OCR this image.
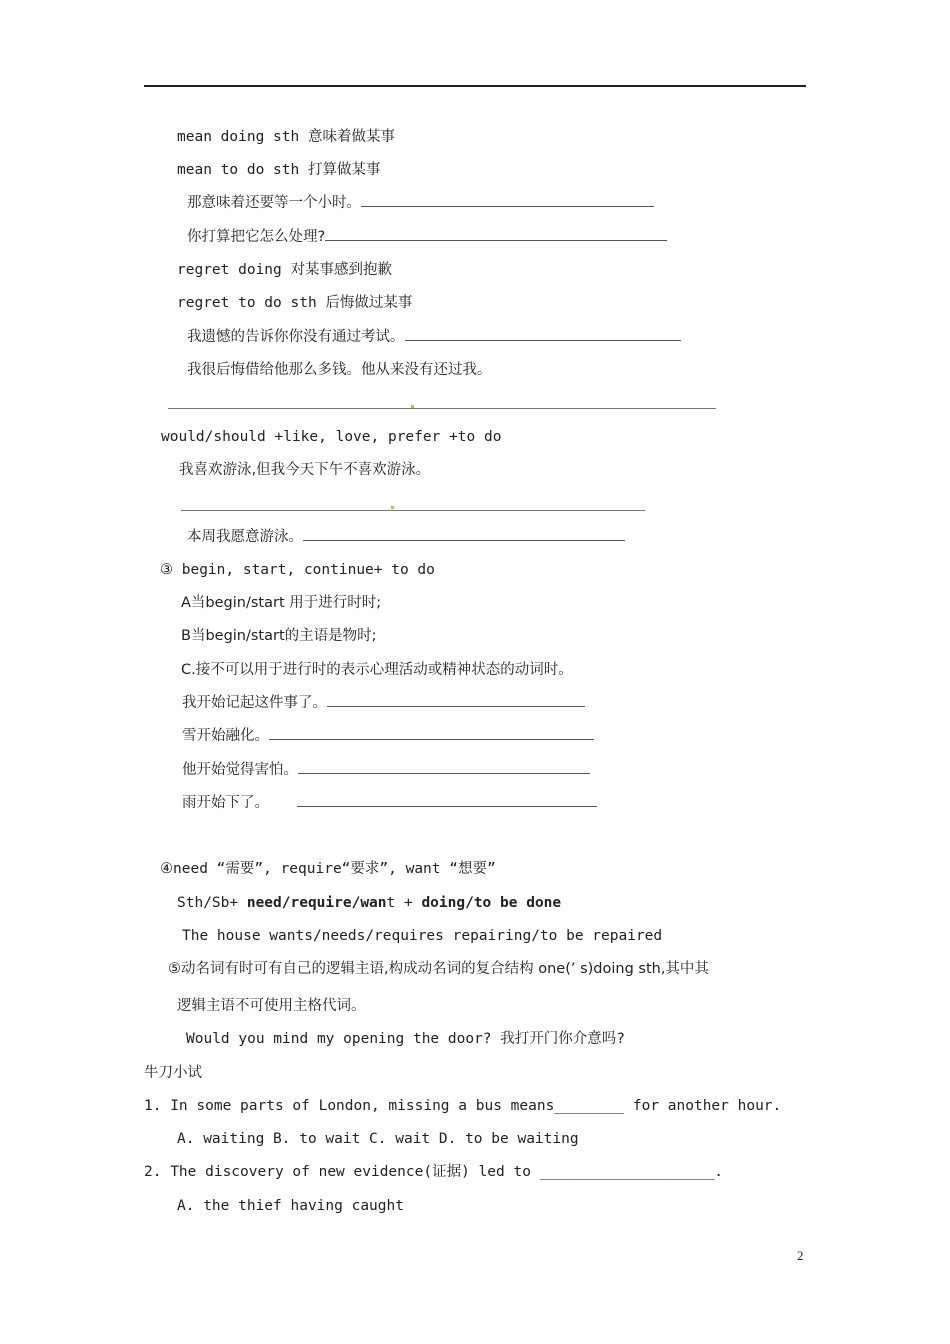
mean doing sth 意味着做某事
mean to do sth 打算做某事
那意味着还要等一个小时。
你打算把它怎么处理?
regret doing 对某事感到抱歉
regret to do sth 后悔做过某事
我遗憾的告诉你你没有通过考试。
我很后悔借给他那么多钱。他从来没有还过我。
would/should +like, love, prefer +to do
我喜欢游泳,但我今天下午不喜欢游泳。
本周我愿意游泳。
③ begin, start, continue+ to do
A当begin/start 用于进行时时;
B当begin/start的主语是物时;
C.接不可以用于进行时的表示心理活动或精神状态的动词时。
我开始记起这件事了。
雪开始融化。
他开始觉得害怕。
雨开始下了。
④need “需要”, require“要求”, want “想要”
Sth/Sb+ need/require/want + doing/to be done
The house wants/needs/requires repairing/to be repaired
⑤动名词有时可有自己的逻辑主语,构成动名词的复合结构 one(’ s)doing sth,其中其
逻辑主语不可使用主格代词。
Would you mind my opening the door? 我打开门你介意吗?
牛刀小试
1. In some parts of London, missing a bus means________ for another hour.
A. waiting B. to wait C. wait D. to be waiting
2. The discovery of new evidence(证据) led to ____________________.
A. the thief having caught
2
